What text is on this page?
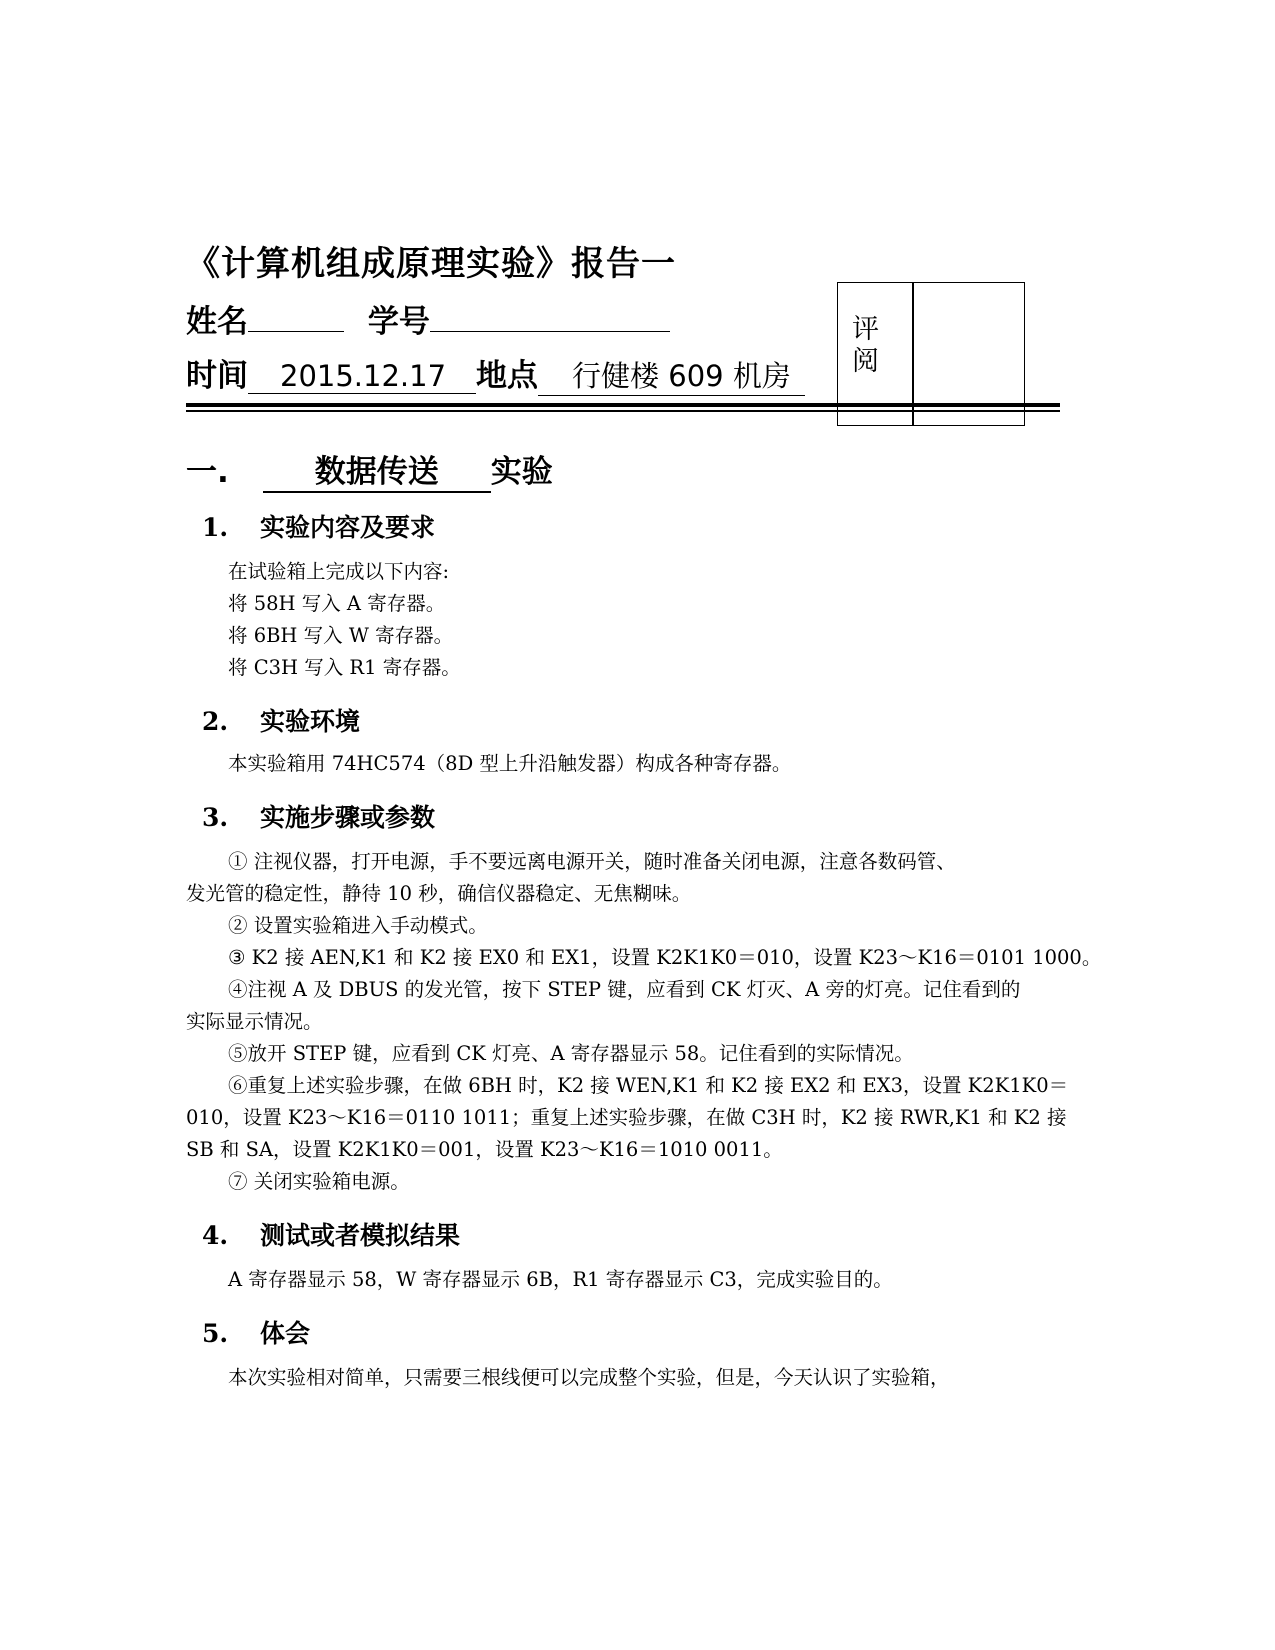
《计算机组成原理实验》报告一
姓名	学号
时间 2015.12.17 地点 行健楼 609 机房
评阅
一.	数据传送 实验
1. 实验内容及要求
在试验箱上完成以下内容:
将 58H 写入 A 寄存器。
将 6BH 写入 W 寄存器。
将 C3H 写入 R1 寄存器。
2. 实验环境
本实验箱用 74HC574（8D 型上升沿触发器）构成各种寄存器。
3. 实施步骤或参数
① 注视仪器，打开电源，手不要远离电源开关，随时准备关闭电源，注意各数码管、
发光管的稳定性，静待 10 秒，确信仪器稳定、无焦糊味。
② 设置实验箱进入手动模式。
③ K2 接 AEN,K1 和 K2 接 EX0 和 EX1，设置 K2K1K0＝010，设置 K23～K16＝0101 1000。
④注视 A 及 DBUS 的发光管，按下 STEP 键，应看到 CK 灯灭、A 旁的灯亮。记住看到的
实际显示情况。
⑤放开 STEP 键，应看到 CK 灯亮、A 寄存器显示 58。记住看到的实际情况。
⑥重复上述实验步骤，在做 6BH 时，K2 接 WEN,K1 和 K2 接 EX2 和 EX3，设置 K2K1K0＝
010，设置 K23～K16＝0110 1011；重复上述实验步骤，在做 C3H 时，K2 接 RWR,K1 和 K2 接
SB 和 SA，设置 K2K1K0＝001，设置 K23～K16＝1010 0011。
⑦ 关闭实验箱电源。
4. 测试或者模拟结果
A 寄存器显示 58，W 寄存器显示 6B，R1 寄存器显示 C3，完成实验目的。
5. 体会
本次实验相对简单，只需要三根线便可以完成整个实验，但是，今天认识了实验箱，
